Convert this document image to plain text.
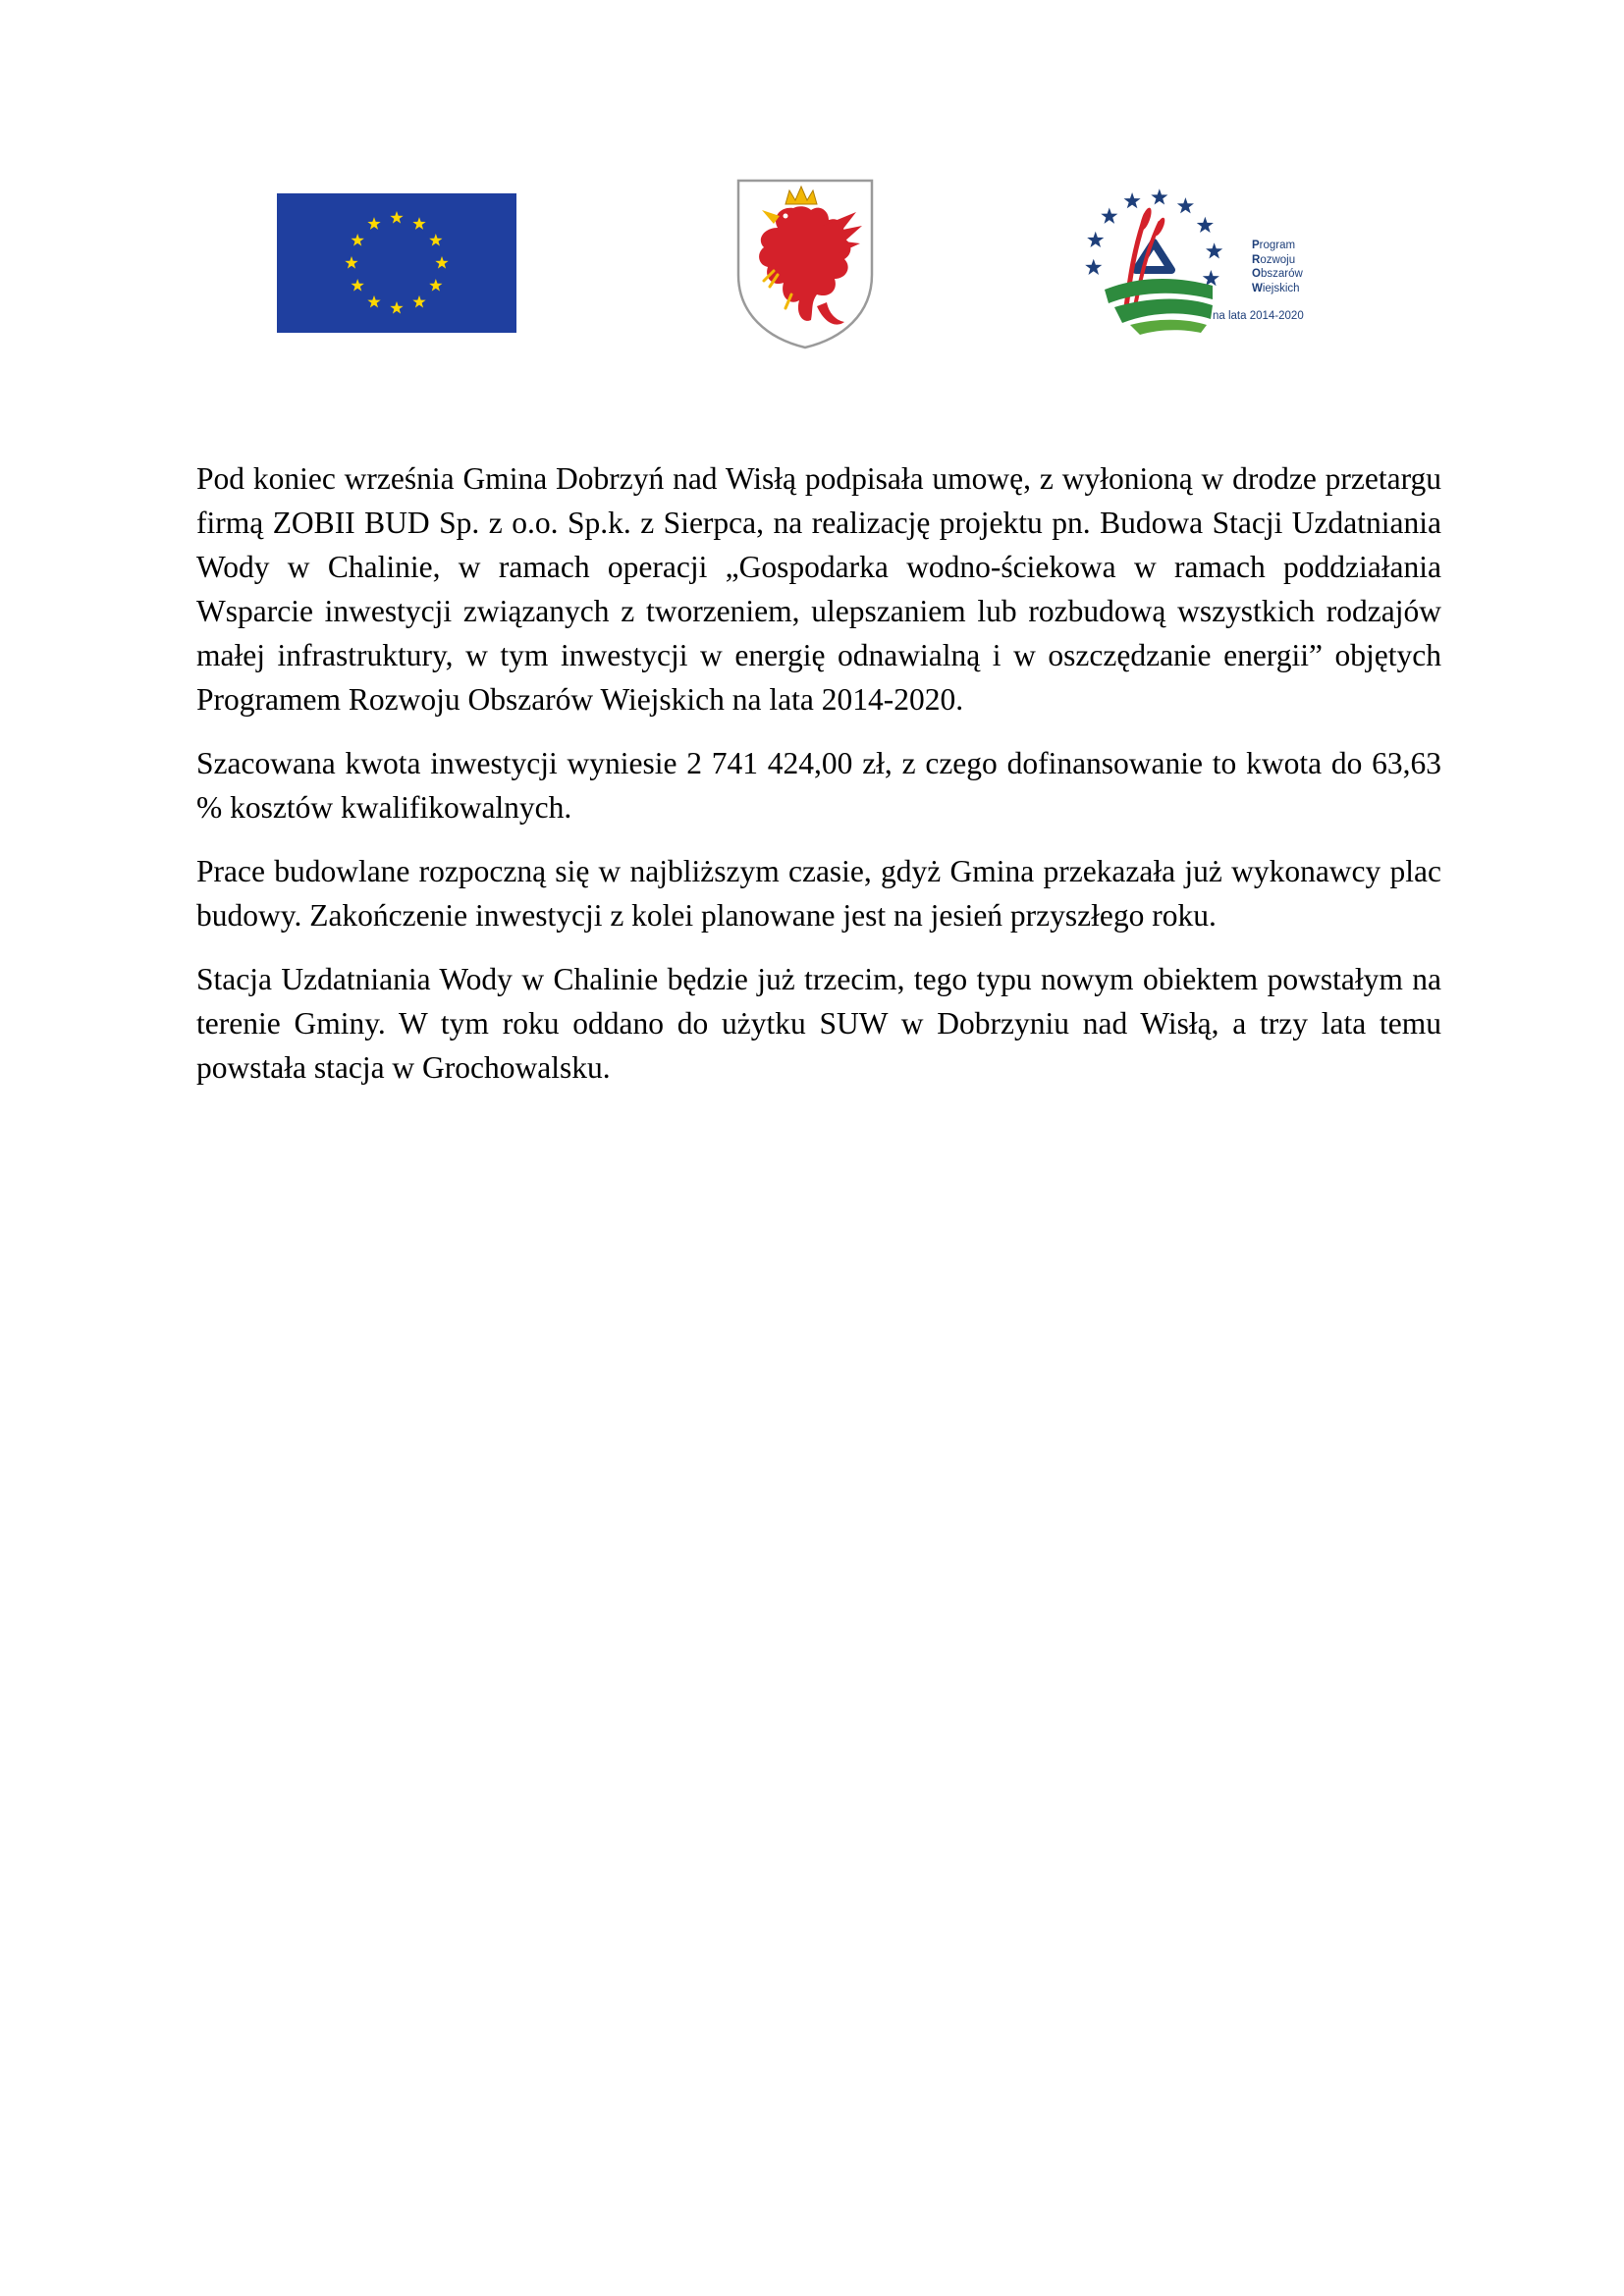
Program
Rozwoju
Obszarów
Wiejskich
na lata 2014-2020

Pod koniec września Gmina Dobrzyń nad Wisłą podpisała umowę, z wyłonioną w drodze przetargu firmą ZOBII BUD Sp. z o.o. Sp.k. z Sierpca, na realizację projektu pn. Budowa Stacji Uzdatniania Wody w Chalinie, w ramach operacji „Gospodarka wodno-ściekowa w ramach poddziałania Wsparcie inwestycji związanych z tworzeniem, ulepszaniem lub rozbudową wszystkich rodzajów małej infrastruktury, w tym inwestycji w energię odnawialną i w oszczędzanie energii” objętych Programem Rozwoju Obszarów Wiejskich na lata 2014-2020.

Szacowana kwota inwestycji wyniesie 2 741 424,00 zł, z czego dofinansowanie to kwota do 63,63 % kosztów kwalifikowalnych.

Prace budowlane rozpoczną się w najbliższym czasie, gdyż Gmina przekazała już wykonawcy plac budowy. Zakończenie inwestycji z kolei planowane jest na jesień przyszłego roku.

Stacja Uzdatniania Wody w Chalinie będzie już trzecim, tego typu nowym obiektem powstałym na terenie Gminy. W tym roku oddano do użytku SUW w Dobrzyniu nad Wisłą, a trzy lata temu powstała stacja w Grochowalsku.
